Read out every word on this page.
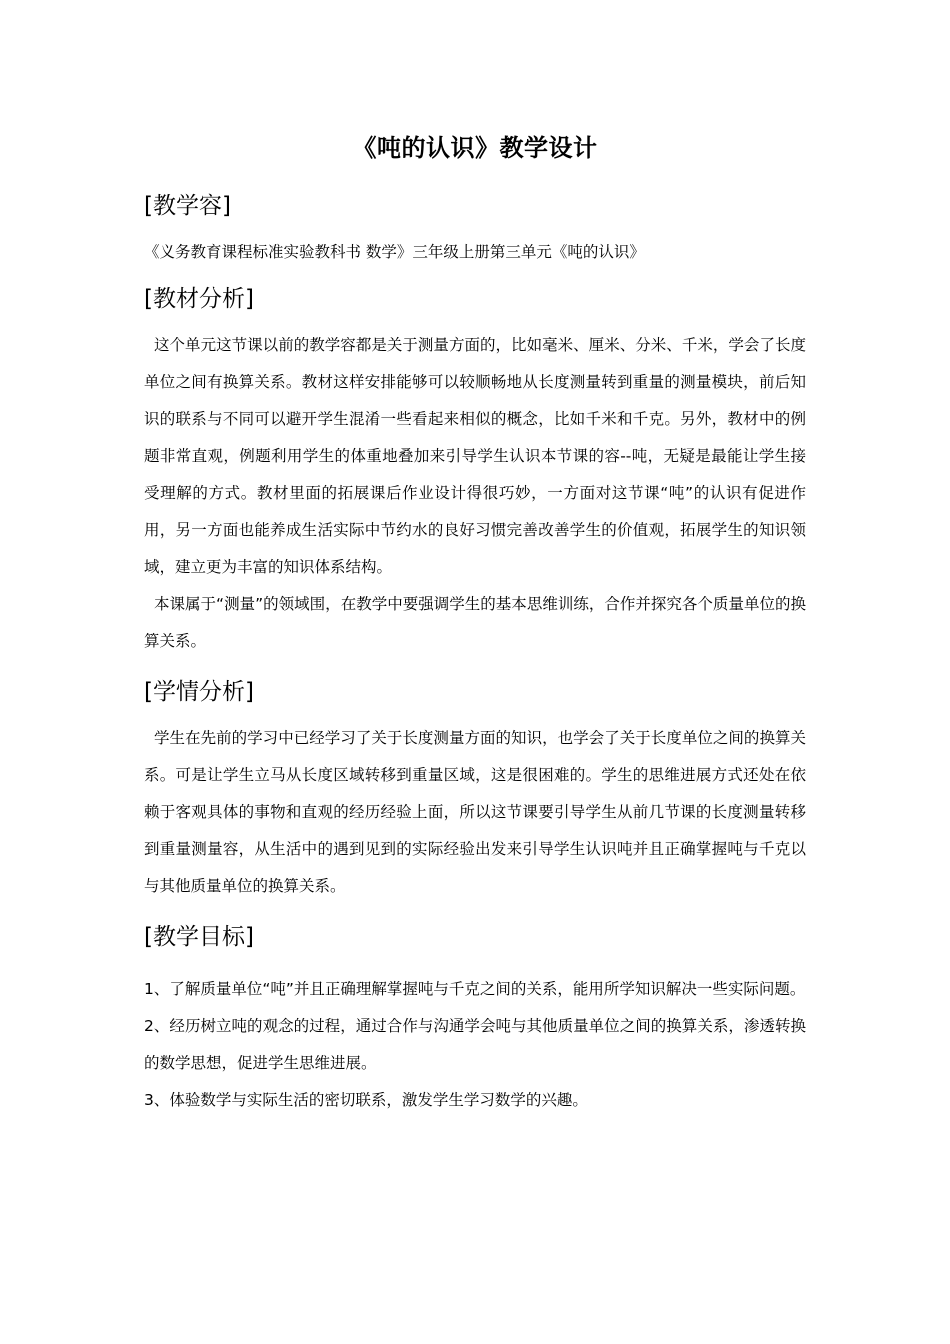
《吨的认识》教学设计
[教学容]

《义务教育课程标准实验教科书 数学》三年级上册第三单元《吨的认识》

[教材分析]

这个单元这节课以前的教学容都是关于测量方面的，比如毫米、厘米、分米、千米，学会了长度单位之间有换算关系。教材这样安排能够可以较顺畅地从长度测量转到重量的测量模块，前后知识的联系与不同可以避开学生混淆一些看起来相似的概念，比如千米和千克。另外，教材中的例题非常直观，例题利用学生的体重地叠加来引导学生认识本节课的容--吨，无疑是最能让学生接受理解的方式。教材里面的拓展课后作业设计得很巧妙，一方面对这节课“吨”的认识有促进作用，另一方面也能养成生活实际中节约水的良好习惯完善改善学生的价值观，拓展学生的知识领域，建立更为丰富的知识体系结构。

本课属于“测量”的领域围，在教学中要强调学生的基本思维训练，合作并探究各个质量单位的换算关系。

[学情分析]

学生在先前的学习中已经学习了关于长度测量方面的知识，也学会了关于长度单位之间的换算关系。可是让学生立马从长度区域转移到重量区域，这是很困难的。学生的思维进展方式还处在依赖于客观具体的事物和直观的经历经验上面，所以这节课要引导学生从前几节课的长度测量转移到重量测量容，从生活中的遇到见到的实际经验出发来引导学生认识吨并且正确掌握吨与千克以与其他质量单位的换算关系。

[教学目标]

1、了解质量单位“吨”并且正确理解掌握吨与千克之间的关系，能用所学知识解决一些实际问题。

2、经历树立吨的观念的过程，通过合作与沟通学会吨与其他质量单位之间的换算关系，渗透转换的数学思想，促进学生思维进展。

3、体验数学与实际生活的密切联系，激发学生学习数学的兴趣。
